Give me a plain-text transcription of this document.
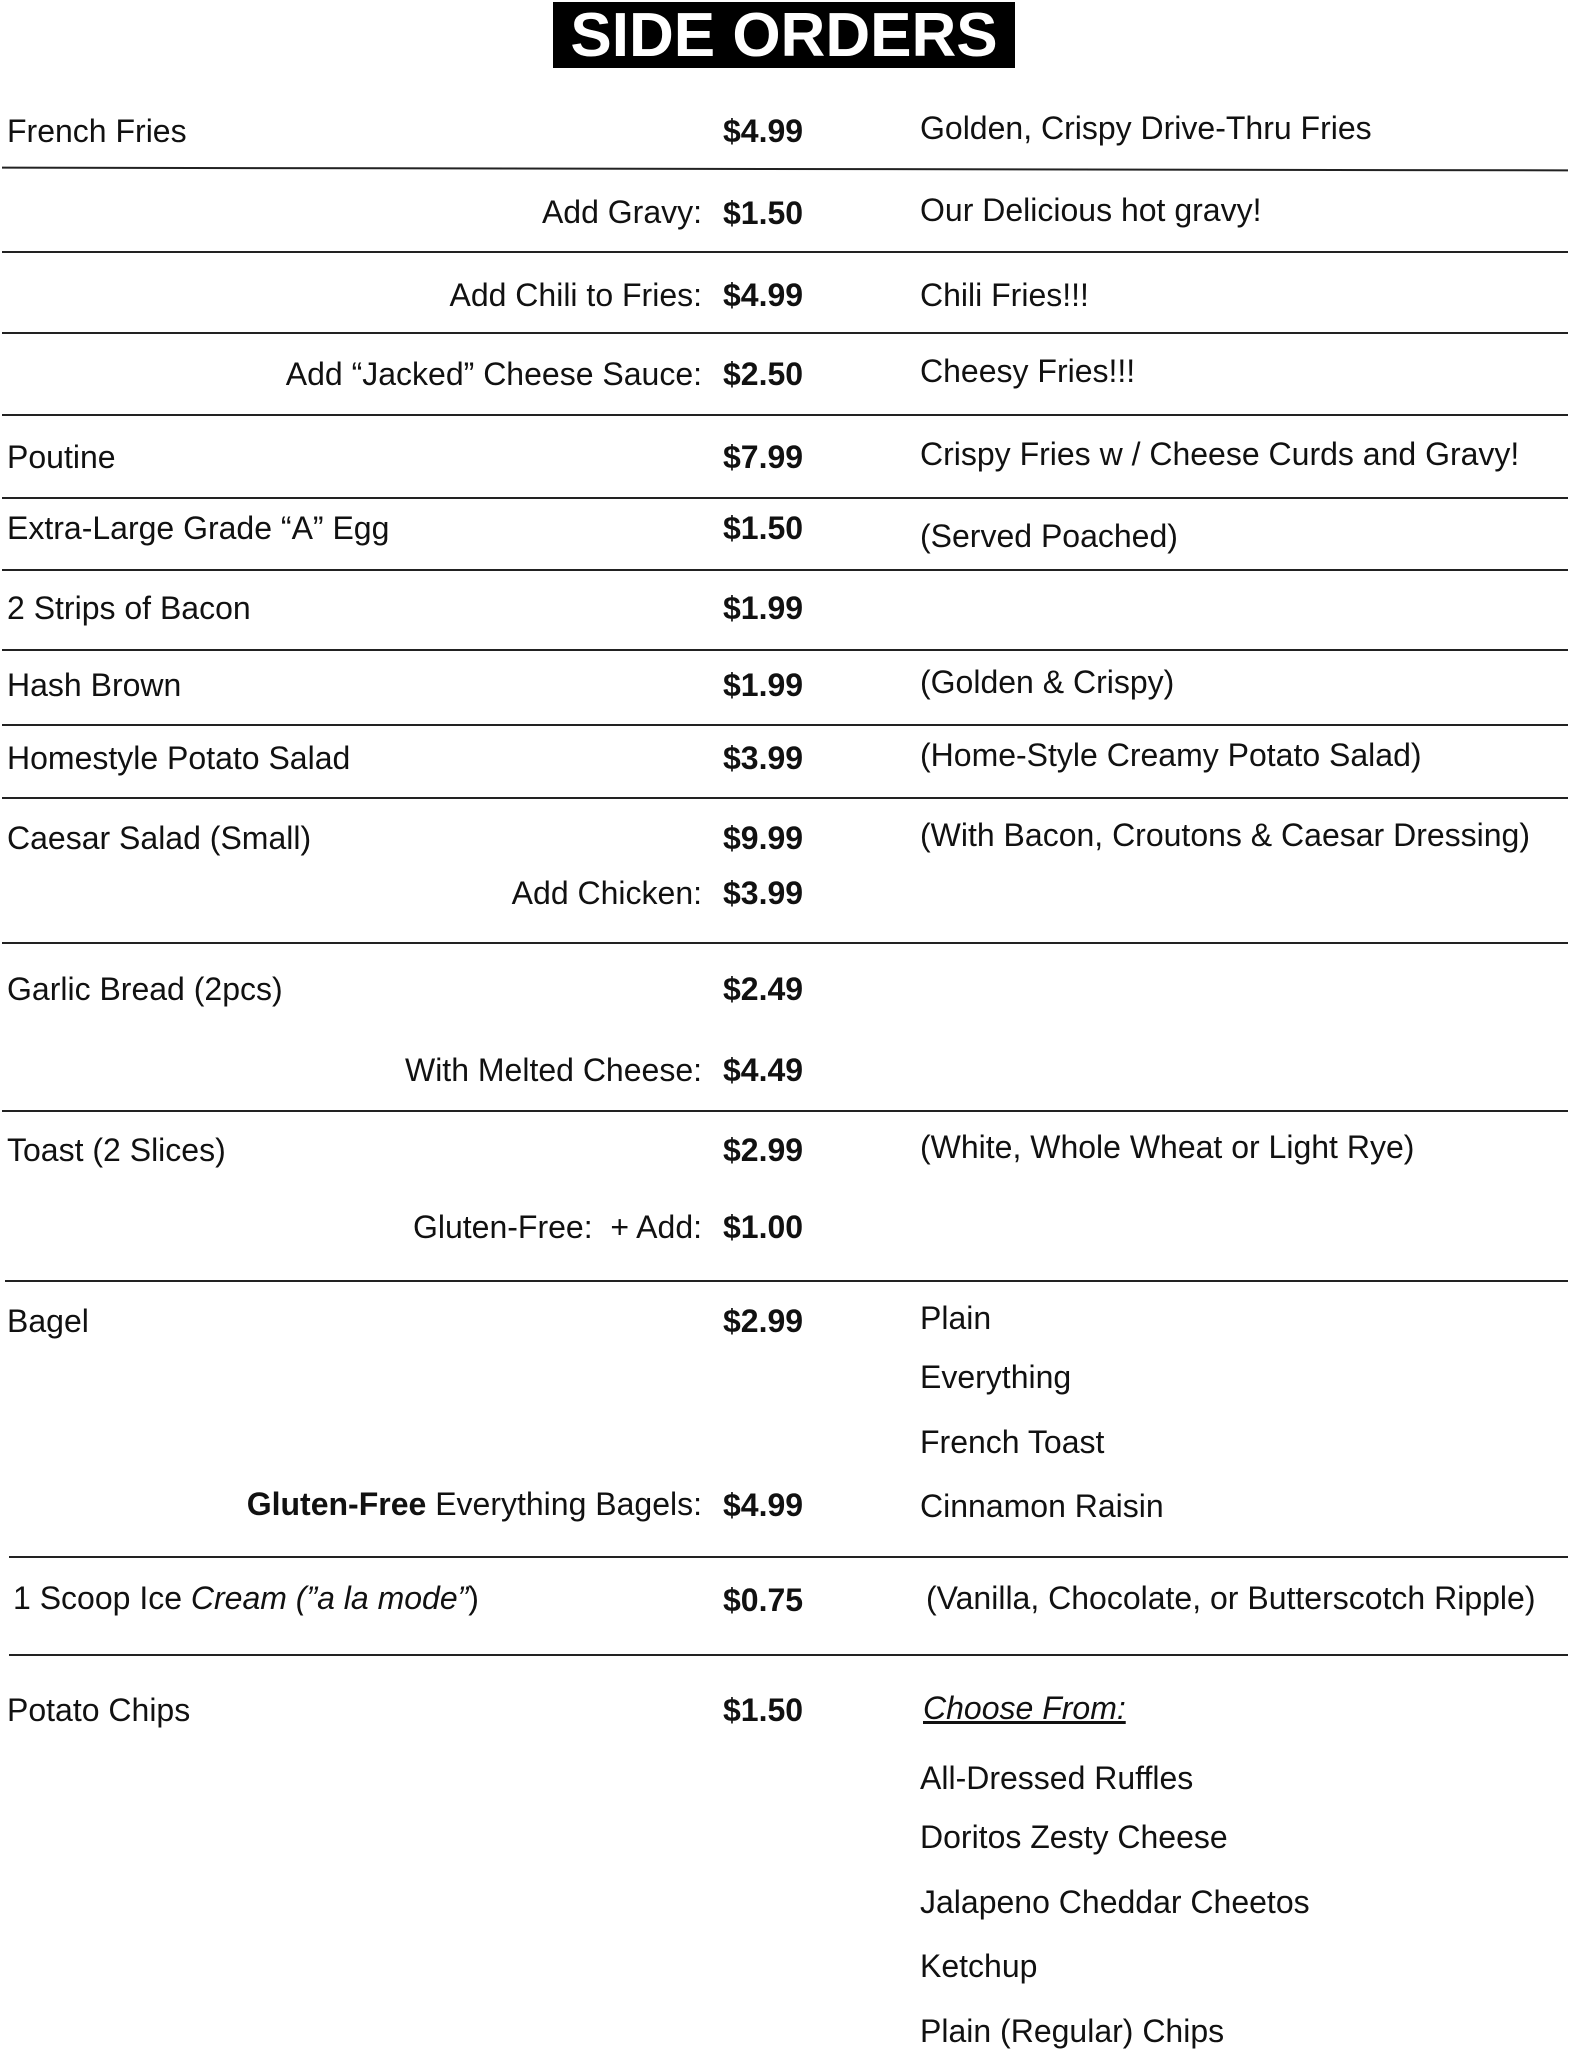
SIDE ORDERS
French Fries	$4.99	Golden, Crispy Drive-Thru Fries
Add Gravy: $1.50	Our Delicious hot gravy!
Add Chili to Fries: $4.99	Chili Fries!!!
Add “Jacked” Cheese Sauce: $2.50	Cheesy Fries!!!
Poutine	$7.99	Crispy Fries w / Cheese Curds and Gravy!
Extra-Large Grade “A” Egg	$1.50	(Served Poached)
2 Strips of Bacon	$1.99
Hash Brown	$1.99	(Golden & Crispy)
Homestyle Potato Salad	$3.99	(Home-Style Creamy Potato Salad)
Caesar Salad (Small)	$9.99	(With Bacon, Croutons & Caesar Dressing)
Add Chicken: $3.99
Garlic Bread (2pcs)	$2.49
With Melted Cheese: $4.49
Toast (2 Slices)	$2.99	(White, Whole Wheat or Light Rye)
Gluten-Free:  + Add: $1.00
Bagel	$2.99	Plain
Everything
French Toast
Cinnamon Raisin
Gluten-Free Everything Bagels: $4.99
1 Scoop Ice Cream (”a la mode”)	$0.75	(Vanilla, Chocolate, or Butterscotch Ripple)
Potato Chips	$1.50	Choose From:
All-Dressed Ruffles
Doritos Zesty Cheese
Jalapeno Cheddar Cheetos
Ketchup
Plain (Regular) Chips
